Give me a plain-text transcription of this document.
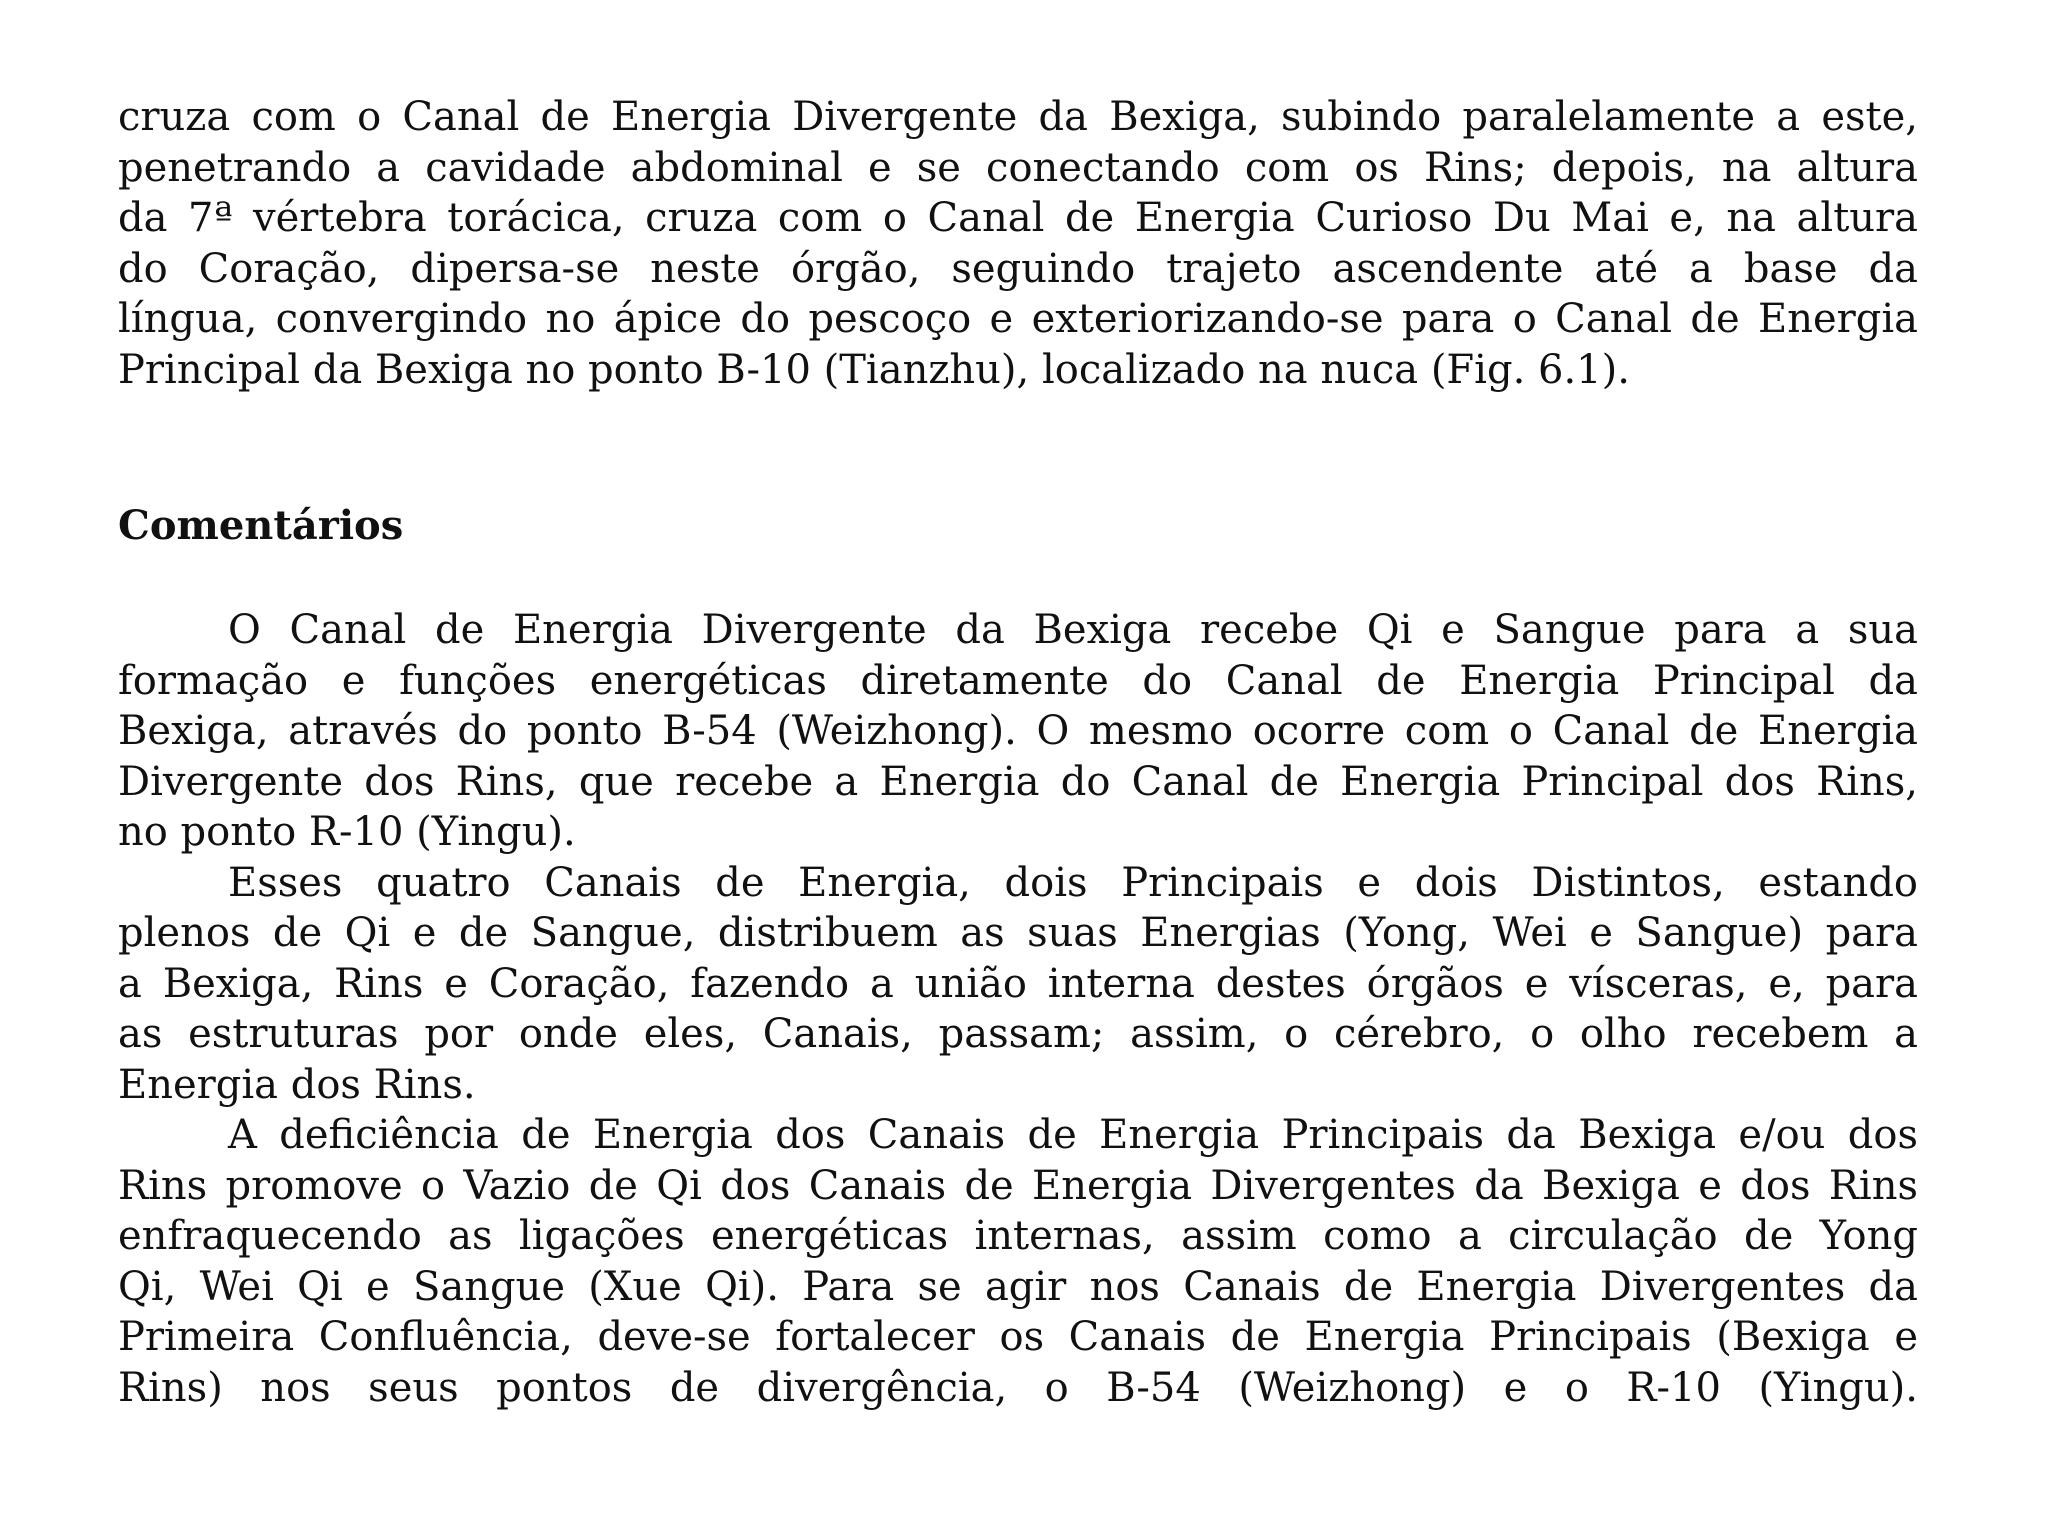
cruza com o Canal de Energia Divergente da Bexiga, subindo paralelamente a este,
penetrando a cavidade abdominal e se conectando com os Rins; depois, na altura
da 7ª vértebra torácica, cruza com o Canal de Energia Curioso Du Mai e, na altura
do Coração, dipersa-se neste órgão, seguindo trajeto ascendente até a base da
língua, convergindo no ápice do pescoço e exteriorizando-se para o Canal de Energia
Principal da Bexiga no ponto B-10 (Tianzhu), localizado na nuca (Fig. 6.1).
Comentários
O Canal de Energia Divergente da Bexiga recebe Qi e Sangue para a sua
formação e funções energéticas diretamente do Canal de Energia Principal da
Bexiga, através do ponto B-54 (Weizhong). O mesmo ocorre com o Canal de Energia
Divergente dos Rins, que recebe a Energia do Canal de Energia Principal dos Rins,
no ponto R-10 (Yingu).
Esses quatro Canais de Energia, dois Principais e dois Distintos, estando
plenos de Qi e de Sangue, distribuem as suas Energias (Yong, Wei e Sangue) para
a Bexiga, Rins e Coração, fazendo a união interna destes órgãos e vísceras, e, para
as estruturas por onde eles, Canais, passam; assim, o cérebro, o olho recebem a
Energia dos Rins.
A deficiência de Energia dos Canais de Energia Principais da Bexiga e/ou dos
Rins promove o Vazio de Qi dos Canais de Energia Divergentes da Bexiga e dos Rins
enfraquecendo as ligações energéticas internas, assim como a circulação de Yong
Qi, Wei Qi e Sangue (Xue Qi). Para se agir nos Canais de Energia Divergentes da
Primeira Confluência, deve-se fortalecer os Canais de Energia Principais (Bexiga e
Rins) nos seus pontos de divergência, o B-54 (Weizhong) e o R-10 (Yingu).
